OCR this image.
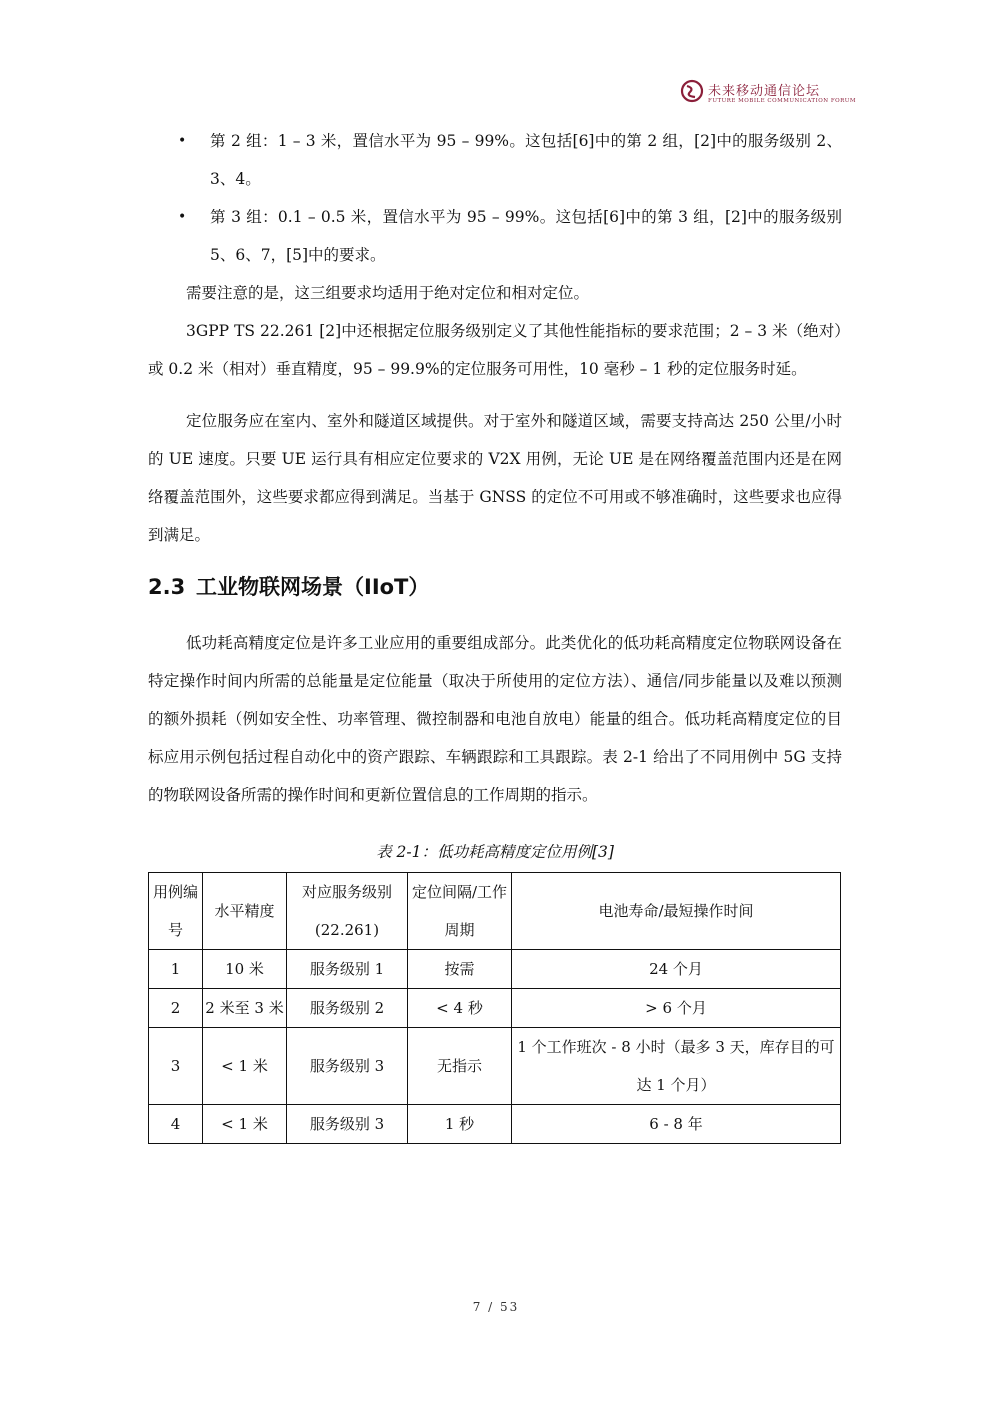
未来移动通信论坛
FUTURE MOBILE COMMUNICATION FORUM
• 第 2 组：1 – 3 米，置信水平为 95 – 99%。这包括[6]中的第 2 组，[2]中的服务级别 2、3、4。
• 第 3 组：0.1 – 0.5 米，置信水平为 95 – 99%。这包括[6]中的第 3 组，[2]中的服务级别 5、6、7，[5]中的要求。

需要注意的是，这三组要求均适用于绝对定位和相对定位。

3GPP TS 22.261 [2]中还根据定位服务级别定义了其他性能指标的要求范围；2 – 3 米（绝对）或 0.2 米（相对）垂直精度，95 – 99.9%的定位服务可用性，10 毫秒 – 1 秒的定位服务时延。

定位服务应在室内、室外和隧道区域提供。对于室外和隧道区域，需要支持高达 250 公里/小时的 UE 速度。只要 UE 运行具有相应定位要求的 V2X 用例，无论 UE 是在网络覆盖范围内还是在网络覆盖范围外，这些要求都应得到满足。当基于 GNSS 的定位不可用或不够准确时，这些要求也应得到满足。

2.3 工业物联网场景（IIoT）

低功耗高精度定位是许多工业应用的重要组成部分。此类优化的低功耗高精度定位物联网设备在特定操作时间内所需的总能量是定位能量（取决于所使用的定位方法）、通信/同步能量以及难以预测的额外损耗（例如安全性、功率管理、微控制器和电池自放电）能量的组合。低功耗高精度定位的目标应用示例包括过程自动化中的资产跟踪、车辆跟踪和工具跟踪。表 2-1 给出了不同用例中 5G 支持的物联网设备所需的操作时间和更新位置信息的工作周期的指示。

表 2-1：低功耗高精度定位用例[3]
用例编号	水平精度	对应服务级别(22.261)	定位间隔/工作周期	电池寿命/最短操作时间
1	10 米	服务级别 1	按需	24 个月
2	2 米至 3 米	服务级别 2	< 4 秒	> 6 个月
3	< 1 米	服务级别 3	无指示	1 个工作班次 - 8 小时（最多 3 天，库存目的可达 1 个月）
4	< 1 米	服务级别 3	1 秒	6 - 8 年
7 / 53
